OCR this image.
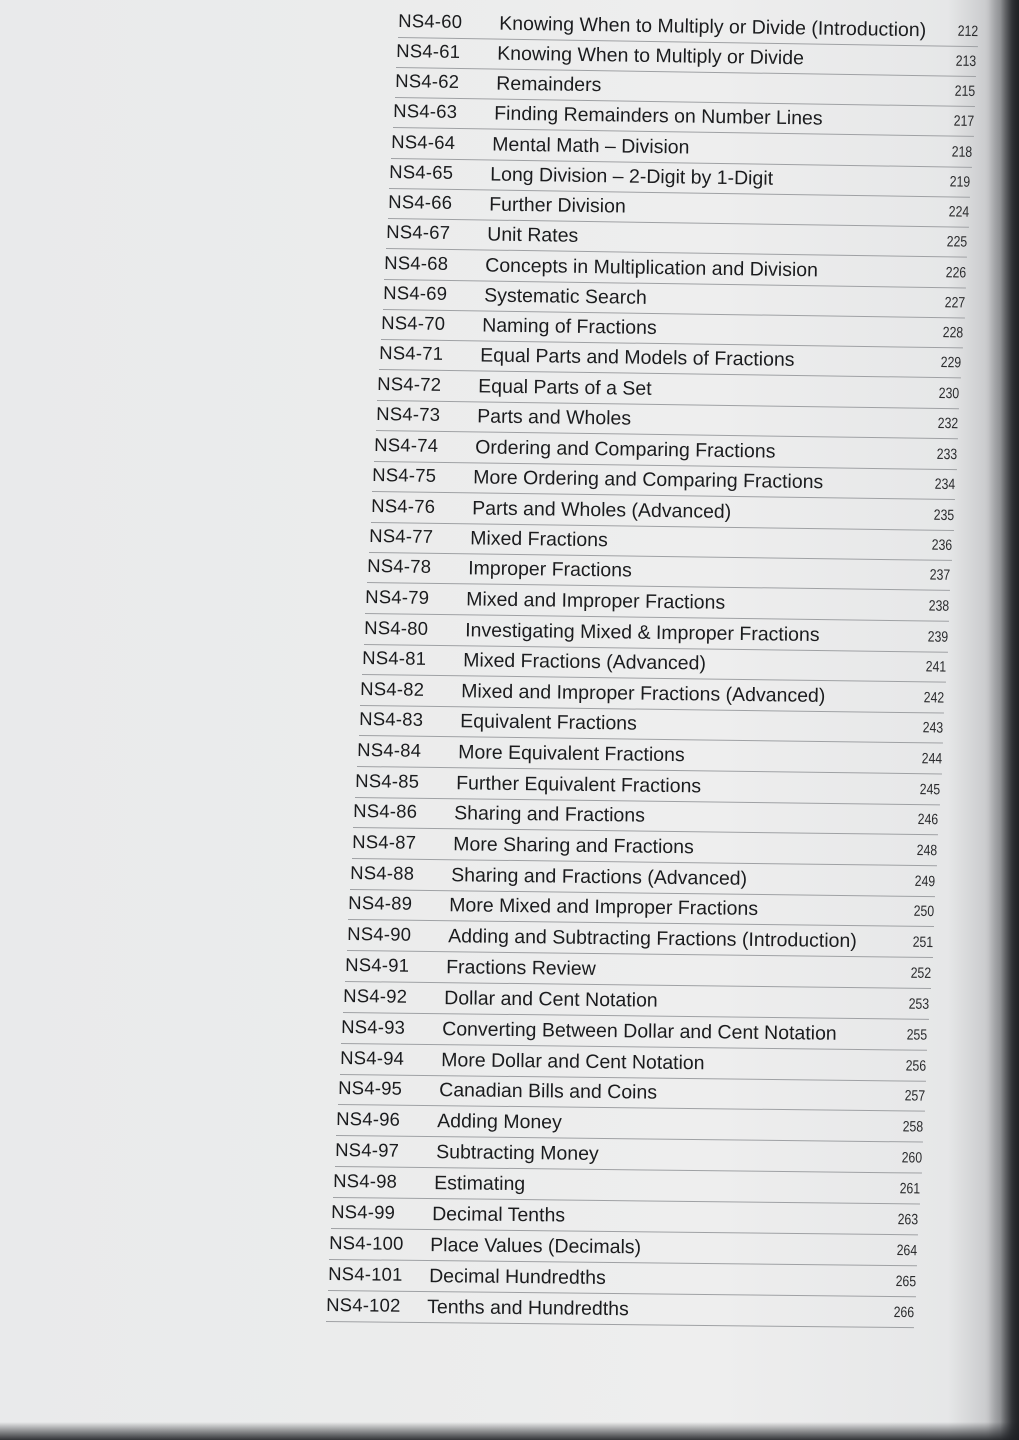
NS4-60 Knowing When to Multiply or Divide (Introduction) 212
NS4-61 Knowing When to Multiply or Divide	213
NS4-62 Remainders	215
NS4-63 Finding Remainders on Number Lines	217
NS4-64 Mental Math – Division	218
NS4-65 Long Division – 2-Digit by 1-Digit	219
NS4-66 Further Division	224
NS4-67 Unit Rates	225
NS4-68 Concepts in Multiplication and Division	226
NS4-69 Systematic Search	227
NS4-70 Naming of Fractions	228
NS4-71 Equal Parts and Models of Fractions	229
NS4-72 Equal Parts of a Set	230
NS4-73 Parts and Wholes	232
NS4-74 Ordering and Comparing Fractions	233
NS4-75 More Ordering and Comparing Fractions	234
NS4-76 Parts and Wholes (Advanced)	235
NS4-77 Mixed Fractions	236
NS4-78 Improper Fractions	237
NS4-79 Mixed and Improper Fractions	238
NS4-80 Investigating Mixed & Improper Fractions	239
NS4-81 Mixed Fractions (Advanced)	241
NS4-82 Mixed and Improper Fractions (Advanced)	242
NS4-83 Equivalent Fractions	243
NS4-84 More Equivalent Fractions	244
NS4-85 Further Equivalent Fractions	245
NS4-86 Sharing and Fractions	246
NS4-87 More Sharing and Fractions	248
NS4-88 Sharing and Fractions (Advanced)	249
NS4-89 More Mixed and Improper Fractions	250
NS4-90 Adding and Subtracting Fractions (Introduction)	251
NS4-91 Fractions Review	252
NS4-92 Dollar and Cent Notation	253
NS4-93 Converting Between Dollar and Cent Notation	255
NS4-94 More Dollar and Cent Notation	256
NS4-95 Canadian Bills and Coins	257
NS4-96 Adding Money	258
NS4-97 Subtracting Money	260
NS4-98 Estimating	261
NS4-99 Decimal Tenths	263
NS4-100 Place Values (Decimals)	264
NS4-101 Decimal Hundredths	265
NS4-102 Tenths and Hundredths	266
